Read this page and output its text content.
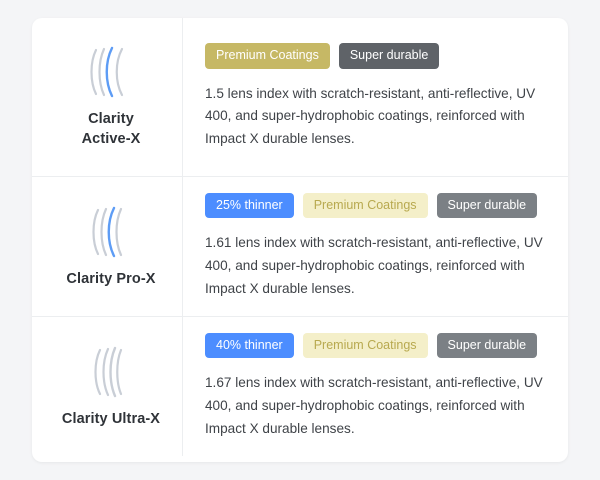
Clarity
Active-X
Premium Coatings	Super durable
1.5 lens index with scratch-resistant, anti-reflective, UV 400, and super-hydrophobic coatings, reinforced with Impact X durable lenses.
Clarity Pro-X
25% thinner	Premium Coatings	Super durable
1.61 lens index with scratch-resistant, anti-reflective, UV 400, and super-hydrophobic coatings, reinforced with Impact X durable lenses.
Clarity Ultra-X
40% thinner	Premium Coatings	Super durable
1.67 lens index with scratch-resistant, anti-reflective, UV 400, and super-hydrophobic coatings, reinforced with Impact X durable lenses.
